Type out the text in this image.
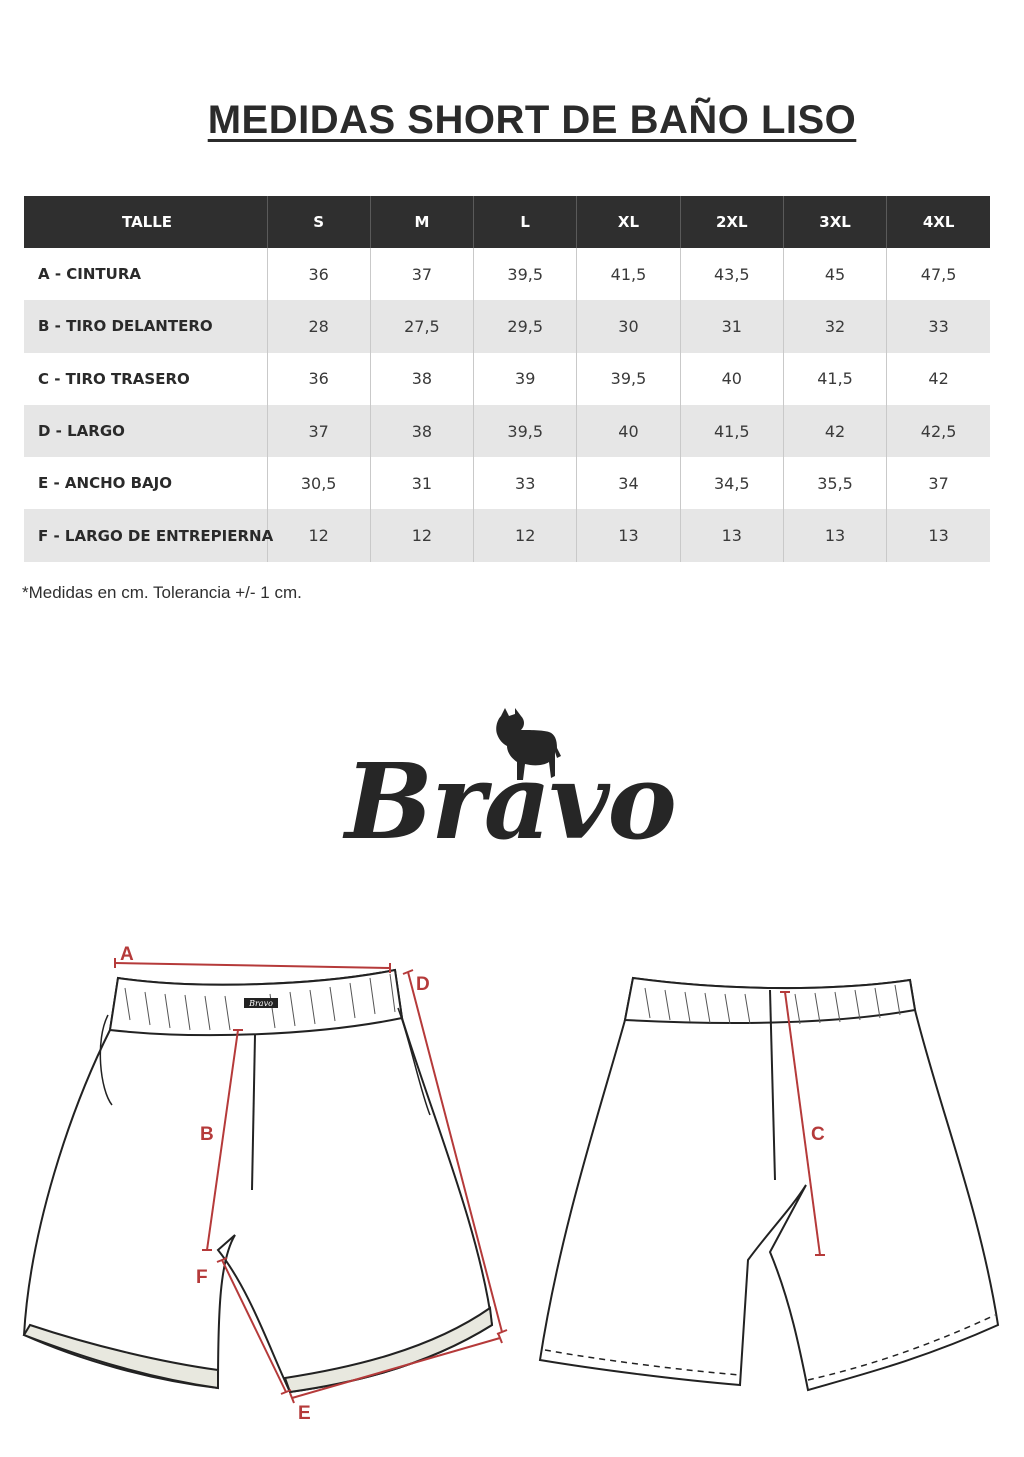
MEDIDAS SHORT DE BAÑO LISO
TALLE	S	M	L	XL	2XL	3XL	4XL
A - CINTURA	36	37	39,5	41,5	43,5	45	47,5
B - TIRO DELANTERO	28	27,5	29,5	30	31	32	33
C - TIRO TRASERO	36	38	39	39,5	40	41,5	42
D - LARGO	37	38	39,5	40	41,5	42	42,5
E - ANCHO BAJO	30,5	31	33	34	34,5	35,5	37
F - LARGO DE ENTREPIERNA	12	12	12	13	13	13	13
*Medidas en cm. Tolerancia +/- 1 cm.
Bravo
Bravo
A
B	C
D
E
F
